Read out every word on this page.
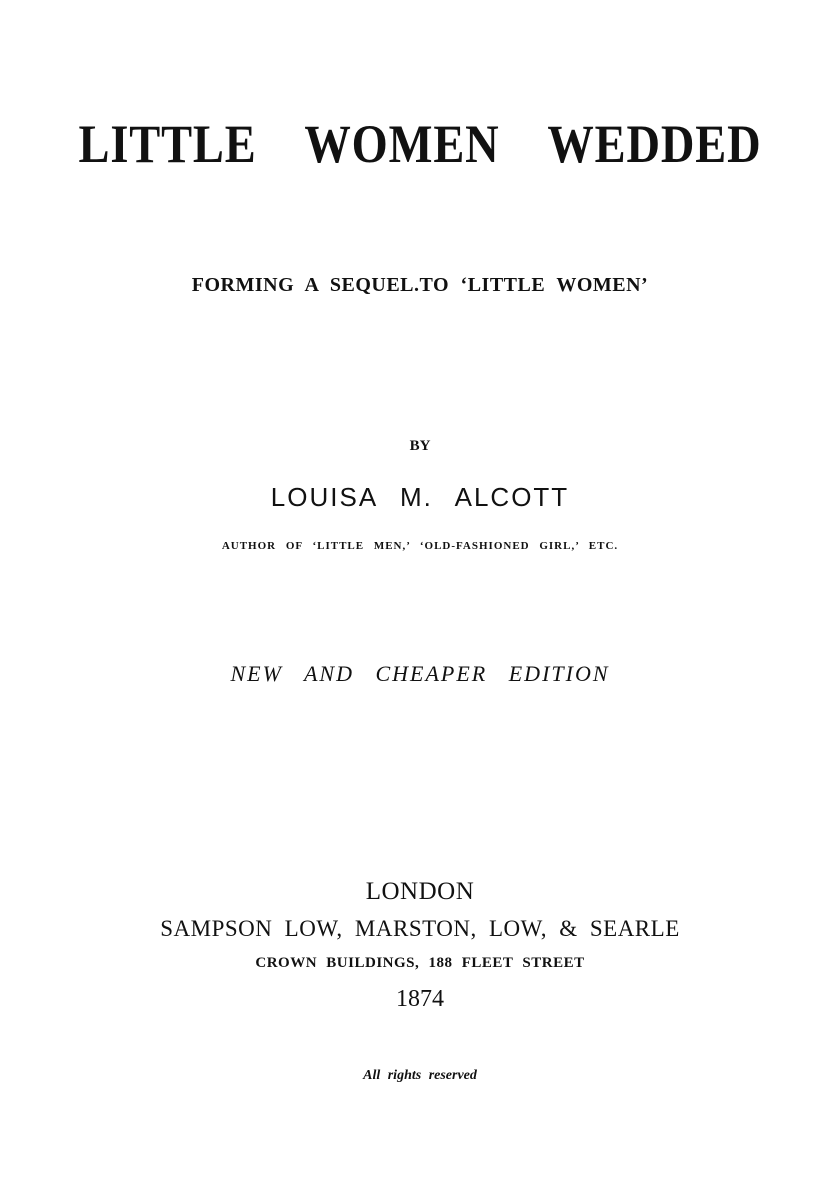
LITTLE WOMEN WEDDED
FORMING A SEQUEL.TO ‘LITTLE WOMEN’
BY
LOUISA M. ALCOTT
AUTHOR OF ‘LITTLE MEN,’ ‘OLD-FASHIONED GIRL,’ ETC.
NEW AND CHEAPER EDITION
LONDON
SAMPSON LOW, MARSTON, LOW, & SEARLE
CROWN BUILDINGS, 188 FLEET STREET
1874
All rights reserved
